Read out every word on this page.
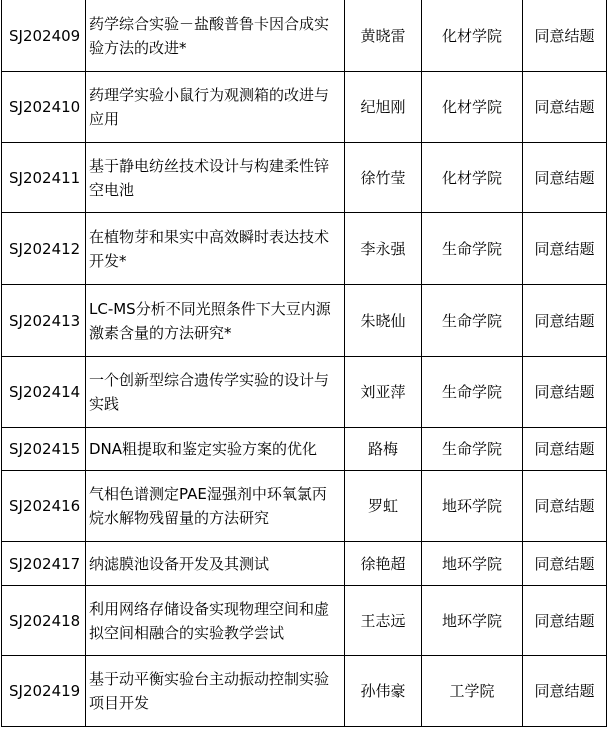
SJ202409	药学综合实验－盐酸普鲁卡因合成实验方法的改进*	黄晓雷	化材学院	同意结题
SJ202410	药理学实验小鼠行为观测箱的改进与应用	纪旭刚	化材学院	同意结题
SJ202411	基于静电纺丝技术设计与构建柔性锌空电池	徐竹莹	化材学院	同意结题
SJ202412	在植物芽和果实中高效瞬时表达技术开发*	李永强	生命学院	同意结题
SJ202413	LC-MS分析不同光照条件下大豆内源激素含量的方法研究*	朱晓仙	生命学院	同意结题
SJ202414	一个创新型综合遗传学实验的设计与实践	刘亚萍	生命学院	同意结题
SJ202415	DNA粗提取和鉴定实验方案的优化	路梅	生命学院	同意结题
SJ202416	气相色谱测定PAE湿强剂中环氧氯丙烷水解物残留量的方法研究	罗虹	地环学院	同意结题
SJ202417	纳滤膜池设备开发及其测试	徐艳超	地环学院	同意结题
SJ202418	利用网络存储设备实现物理空间和虚拟空间相融合的实验教学尝试	王志远	地环学院	同意结题
SJ202419	基于动平衡实验台主动振动控制实验项目开发	孙伟豪	工学院	同意结题
